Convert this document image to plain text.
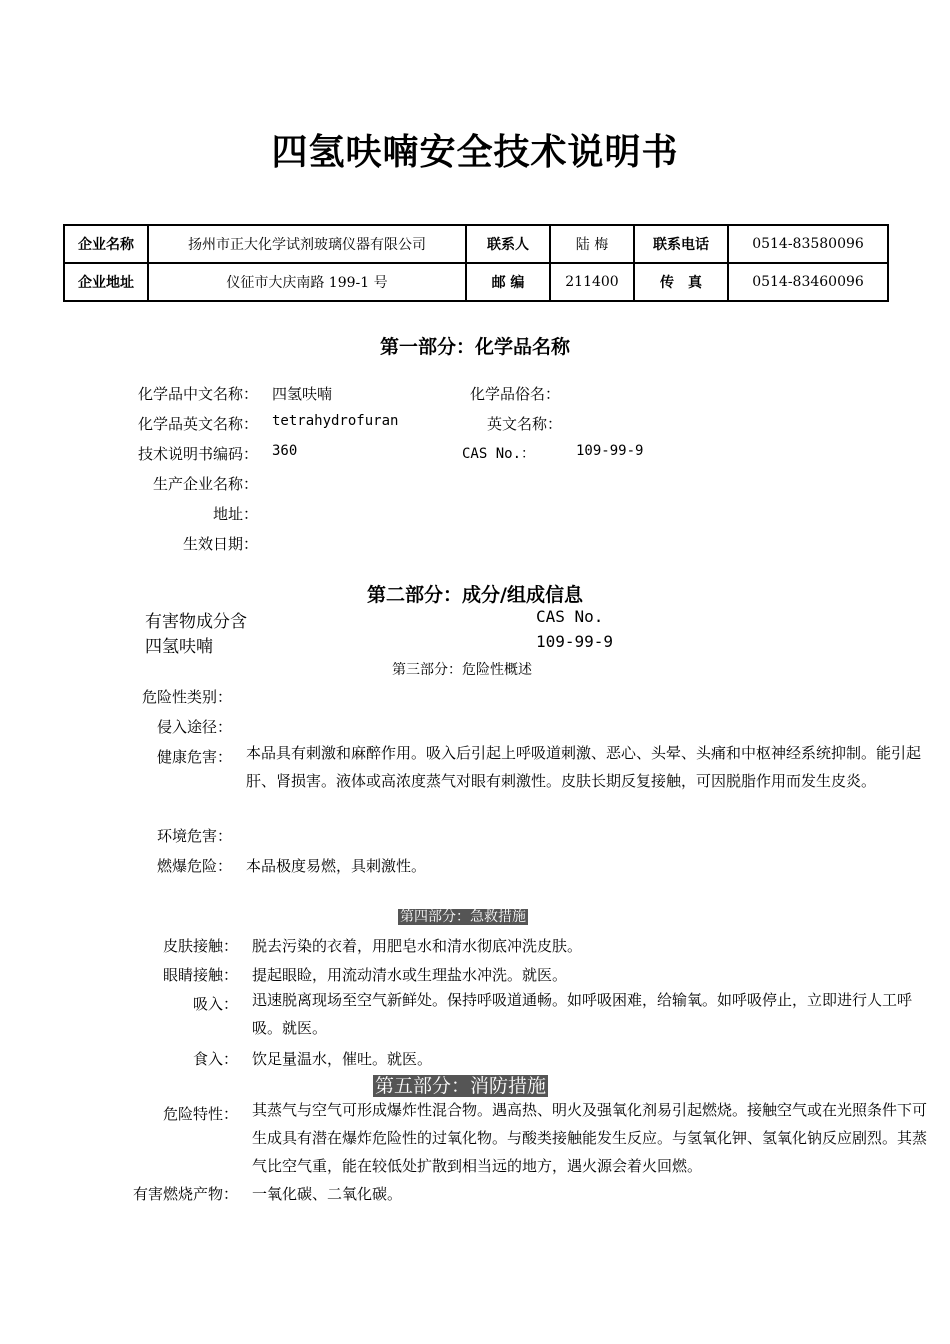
四氢呋喃安全技术说明书
企业名称	扬州市正大化学试剂玻璃仪器有限公司	联系人	陆 梅	联系电话	0514-83580096
企业地址	仪征市大庆南路 199-1 号	邮 编	211400	传　真	0514-83460096
第一部分：化学品名称
化学品中文名称： 四氢呋喃	化学品俗名：
化学品英文名称： tetrahydrofuran	英文名称：
技术说明书编码： 360	CAS No.：	109-99-9
生产企业名称：
地址：
生效日期：
第二部分：成分/组成信息
有害物成分含	CAS No.
四氢呋喃	109-99-9
第三部分：危险性概述
危险性类别：
侵入途径：
健康危害： 本品具有刺激和麻醉作用。吸入后引起上呼吸道刺激、恶心、头晕、头痛和中枢神经系统抑制。能引起肝、肾损害。液体或高浓度蒸气对眼有刺激性。皮肤长期反复接触，可因脱脂作用而发生皮炎。
环境危害：
燃爆危险： 本品极度易燃，具刺激性。
第四部分：急救措施
皮肤接触： 脱去污染的衣着，用肥皂水和清水彻底冲洗皮肤。
眼睛接触： 提起眼睑，用流动清水或生理盐水冲洗。就医。
吸入： 迅速脱离现场至空气新鲜处。保持呼吸道通畅。如呼吸困难，给输氧。如呼吸停止，立即进行人工呼吸。就医。
食入： 饮足量温水，催吐。就医。
第五部分：消防措施
危险特性： 其蒸气与空气可形成爆炸性混合物。遇高热、明火及强氧化剂易引起燃烧。接触空气或在光照条件下可生成具有潜在爆炸危险性的过氧化物。与酸类接触能发生反应。与氢氧化钾、氢氧化钠反应剧烈。其蒸气比空气重，能在较低处扩散到相当远的地方，遇火源会着火回燃。
有害燃烧产物： 一氧化碳、二氧化碳。
